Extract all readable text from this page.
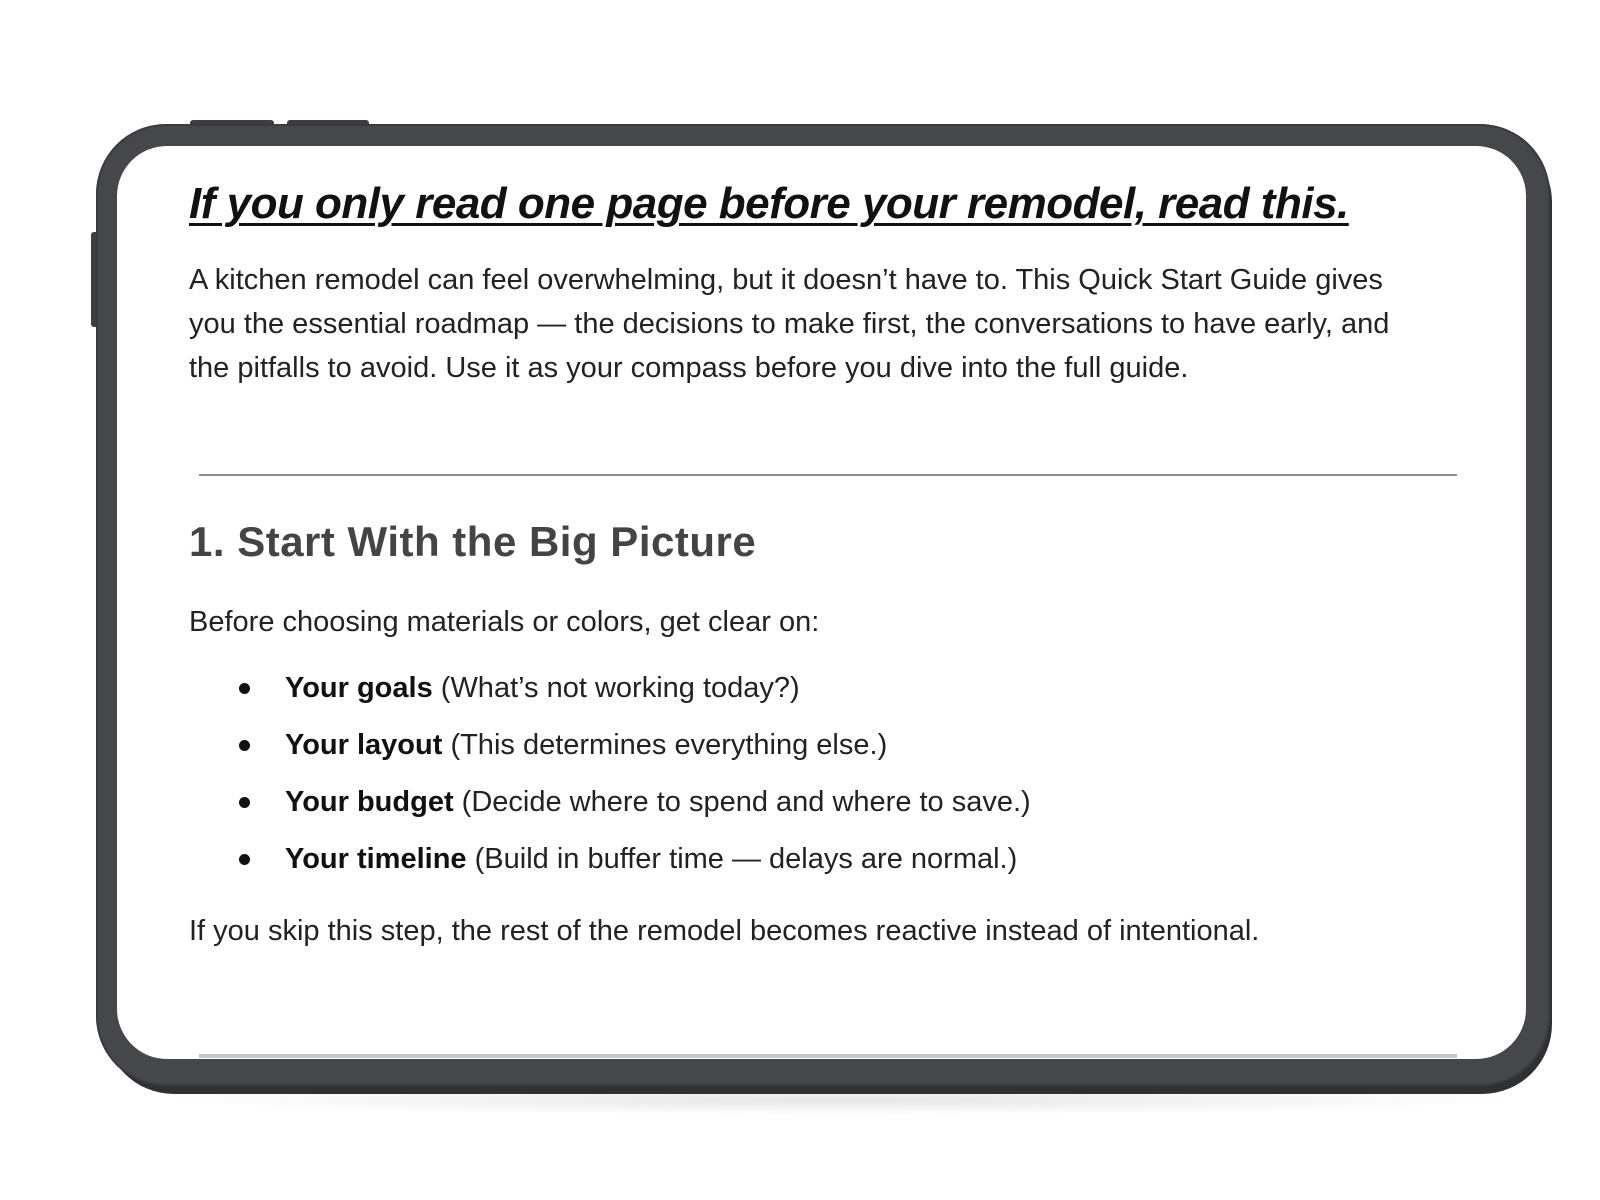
If you only read one page before your remodel, read this.

A kitchen remodel can feel overwhelming, but it doesn’t have to. This Quick Start Guide gives you the essential roadmap — the decisions to make first, the conversations to have early, and the pitfalls to avoid. Use it as your compass before you dive into the full guide.

1. Start With the Big Picture

Before choosing materials or colors, get clear on:

Your goals (What’s not working today?)
Your layout (This determines everything else.)
Your budget (Decide where to spend and where to save.)
Your timeline (Build in buffer time — delays are normal.)

If you skip this step, the rest of the remodel becomes reactive instead of intentional.
